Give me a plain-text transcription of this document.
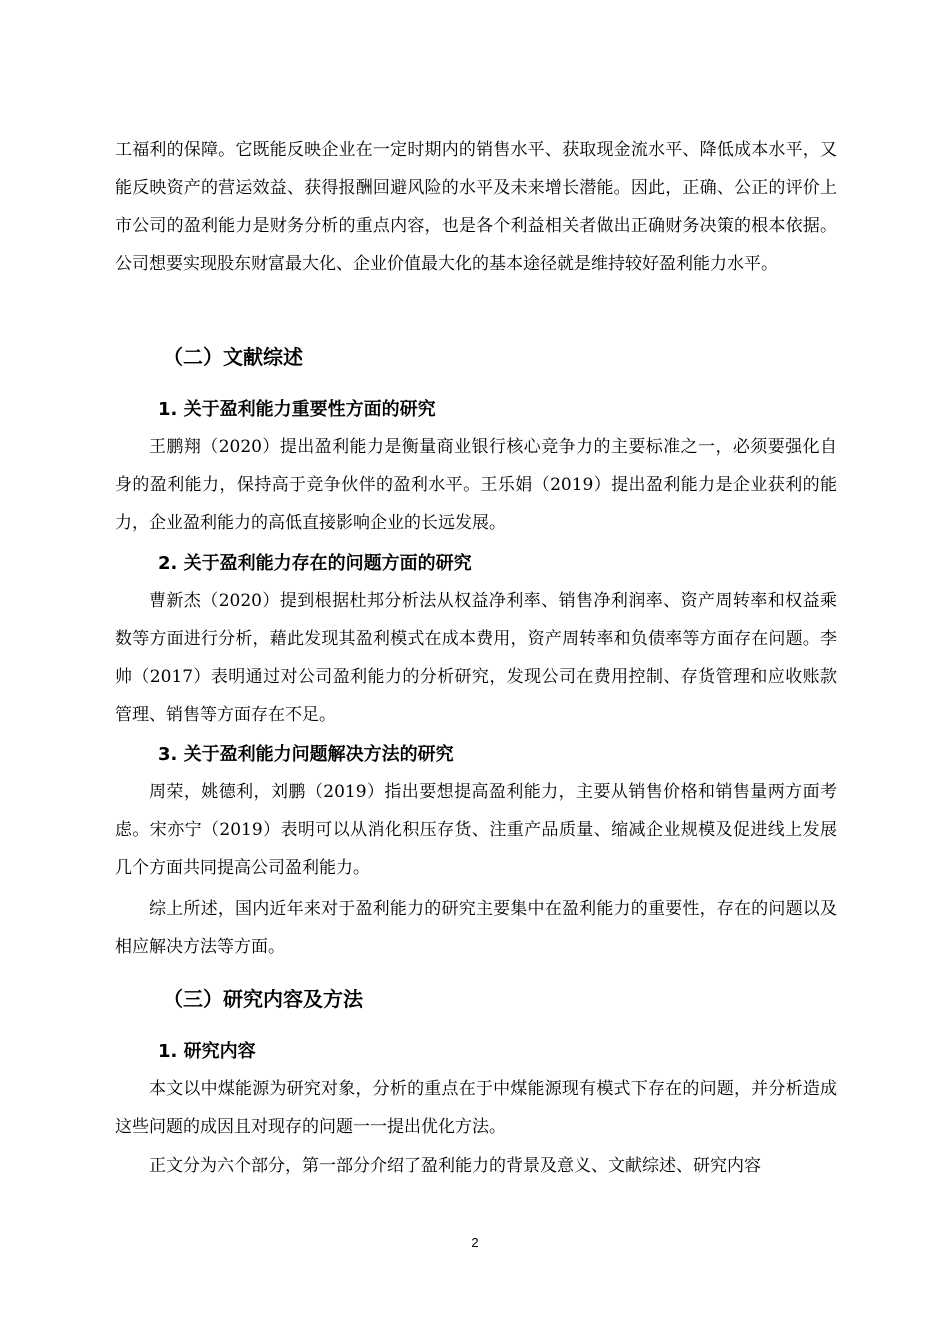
工福利的保障。它既能反映企业在一定时期内的销售水平、获取现金流水平、降低成本水平，又能反映资产的营运效益、获得报酬回避风险的水平及未来增长潜能。因此，正确、公正的评价上市公司的盈利能力是财务分析的重点内容，也是各个利益相关者做出正确财务决策的根本依据。公司想要实现股东财富最大化、企业价值最大化的基本途径就是维持较好盈利能力水平。

（二）文献综述
1. 关于盈利能力重要性方面的研究

王鹏翔（2020）提出盈利能力是衡量商业银行核心竞争力的主要标准之一，必须要强化自身的盈利能力，保持高于竞争伙伴的盈利水平。王乐娟（2019）提出盈利能力是企业获利的能力，企业盈利能力的高低直接影响企业的长远发展。

2. 关于盈利能力存在的问题方面的研究

曹新杰（2020）提到根据杜邦分析法从权益净利率、销售净利润率、资产周转率和权益乘数等方面进行分析，藉此发现其盈利模式在成本费用，资产周转率和负债率等方面存在问题。李帅（2017）表明通过对公司盈利能力的分析研究，发现公司在费用控制、存货管理和应收账款管理、销售等方面存在不足。

3. 关于盈利能力问题解决方法的研究

周荣，姚德利，刘鹏（2019）指出要想提高盈利能力，主要从销售价格和销售量两方面考虑。宋亦宁（2019）表明可以从消化积压存货、注重产品质量、缩减企业规模及促进线上发展几个方面共同提高公司盈利能力。

综上所述，国内近年来对于盈利能力的研究主要集中在盈利能力的重要性，存在的问题以及相应解决方法等方面。

（三）研究内容及方法
1. 研究内容

本文以中煤能源为研究对象，分析的重点在于中煤能源现有模式下存在的问题，并分析造成这些问题的成因且对现存的问题一一提出优化方法。

正文分为六个部分，第一部分介绍了盈利能力的背景及意义、文献综述、研究内容

2
